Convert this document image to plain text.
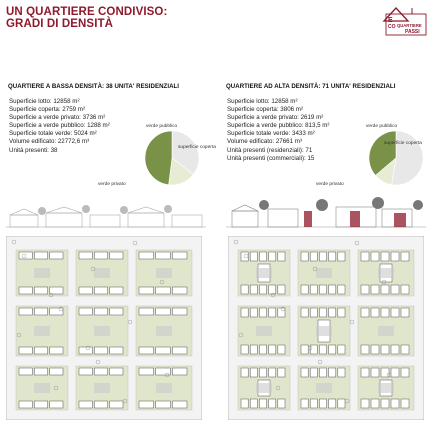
UN QUARTIERE CONDIVISO:
GRADI DI DENSITÀ	E
CO QUARTIERE
PASSI
QUARTIERE A BASSA DENSITÀ: 38 UNITA' RESIDENZIALI
Superficie lotto: 12858 m²
Superficie coperta: 2759 m²
Superficie a verde privato: 3736 m²
Superficie a verde pubblico: 1288 m²
Superficie totale verde: 5024 m²
Volume edificato: 22772,6 m³
Unità presenti: 38
verde pubblico
superficie coperta
verde privato
QUARTIERE AD ALTA DENSITÀ: 71 UNITA' RESIDENZIALI
Superficie lotto: 12858 m²
Superficie coperta: 3806 m²
Superficie a verde privato: 2619 m²
Superficie a verde pubblico: 813,5 m²
Superficie totale verde: 3433 m²
Volume edificato: 27661 m³
Unità presenti (residenziali): 71
Unità presenti (commerciali): 15
verde pubblico
superficie coperta
verde privato
